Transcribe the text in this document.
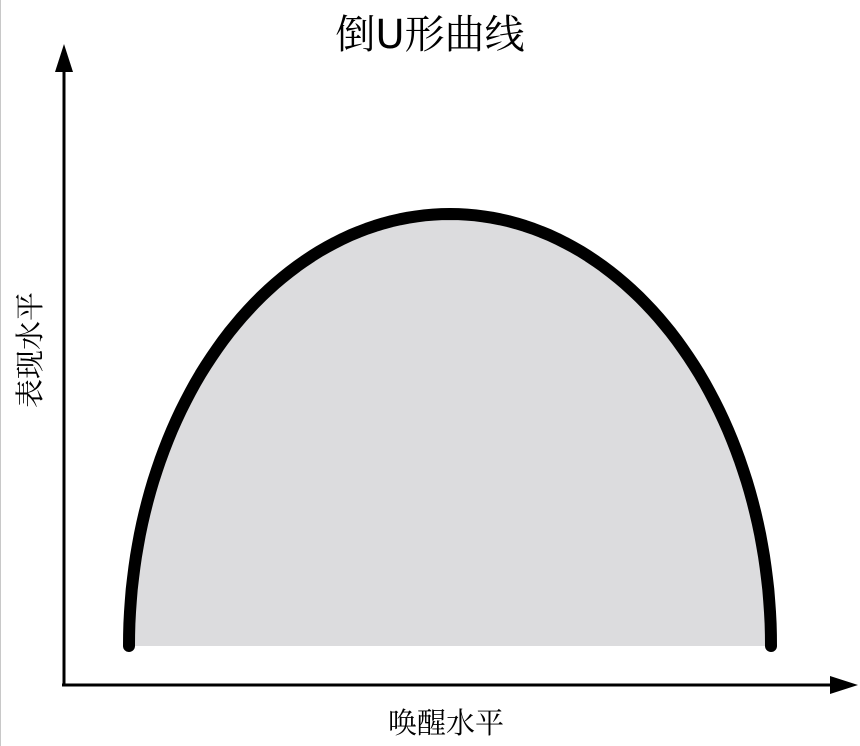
倒U形曲线
唤醒水平
表现水平
